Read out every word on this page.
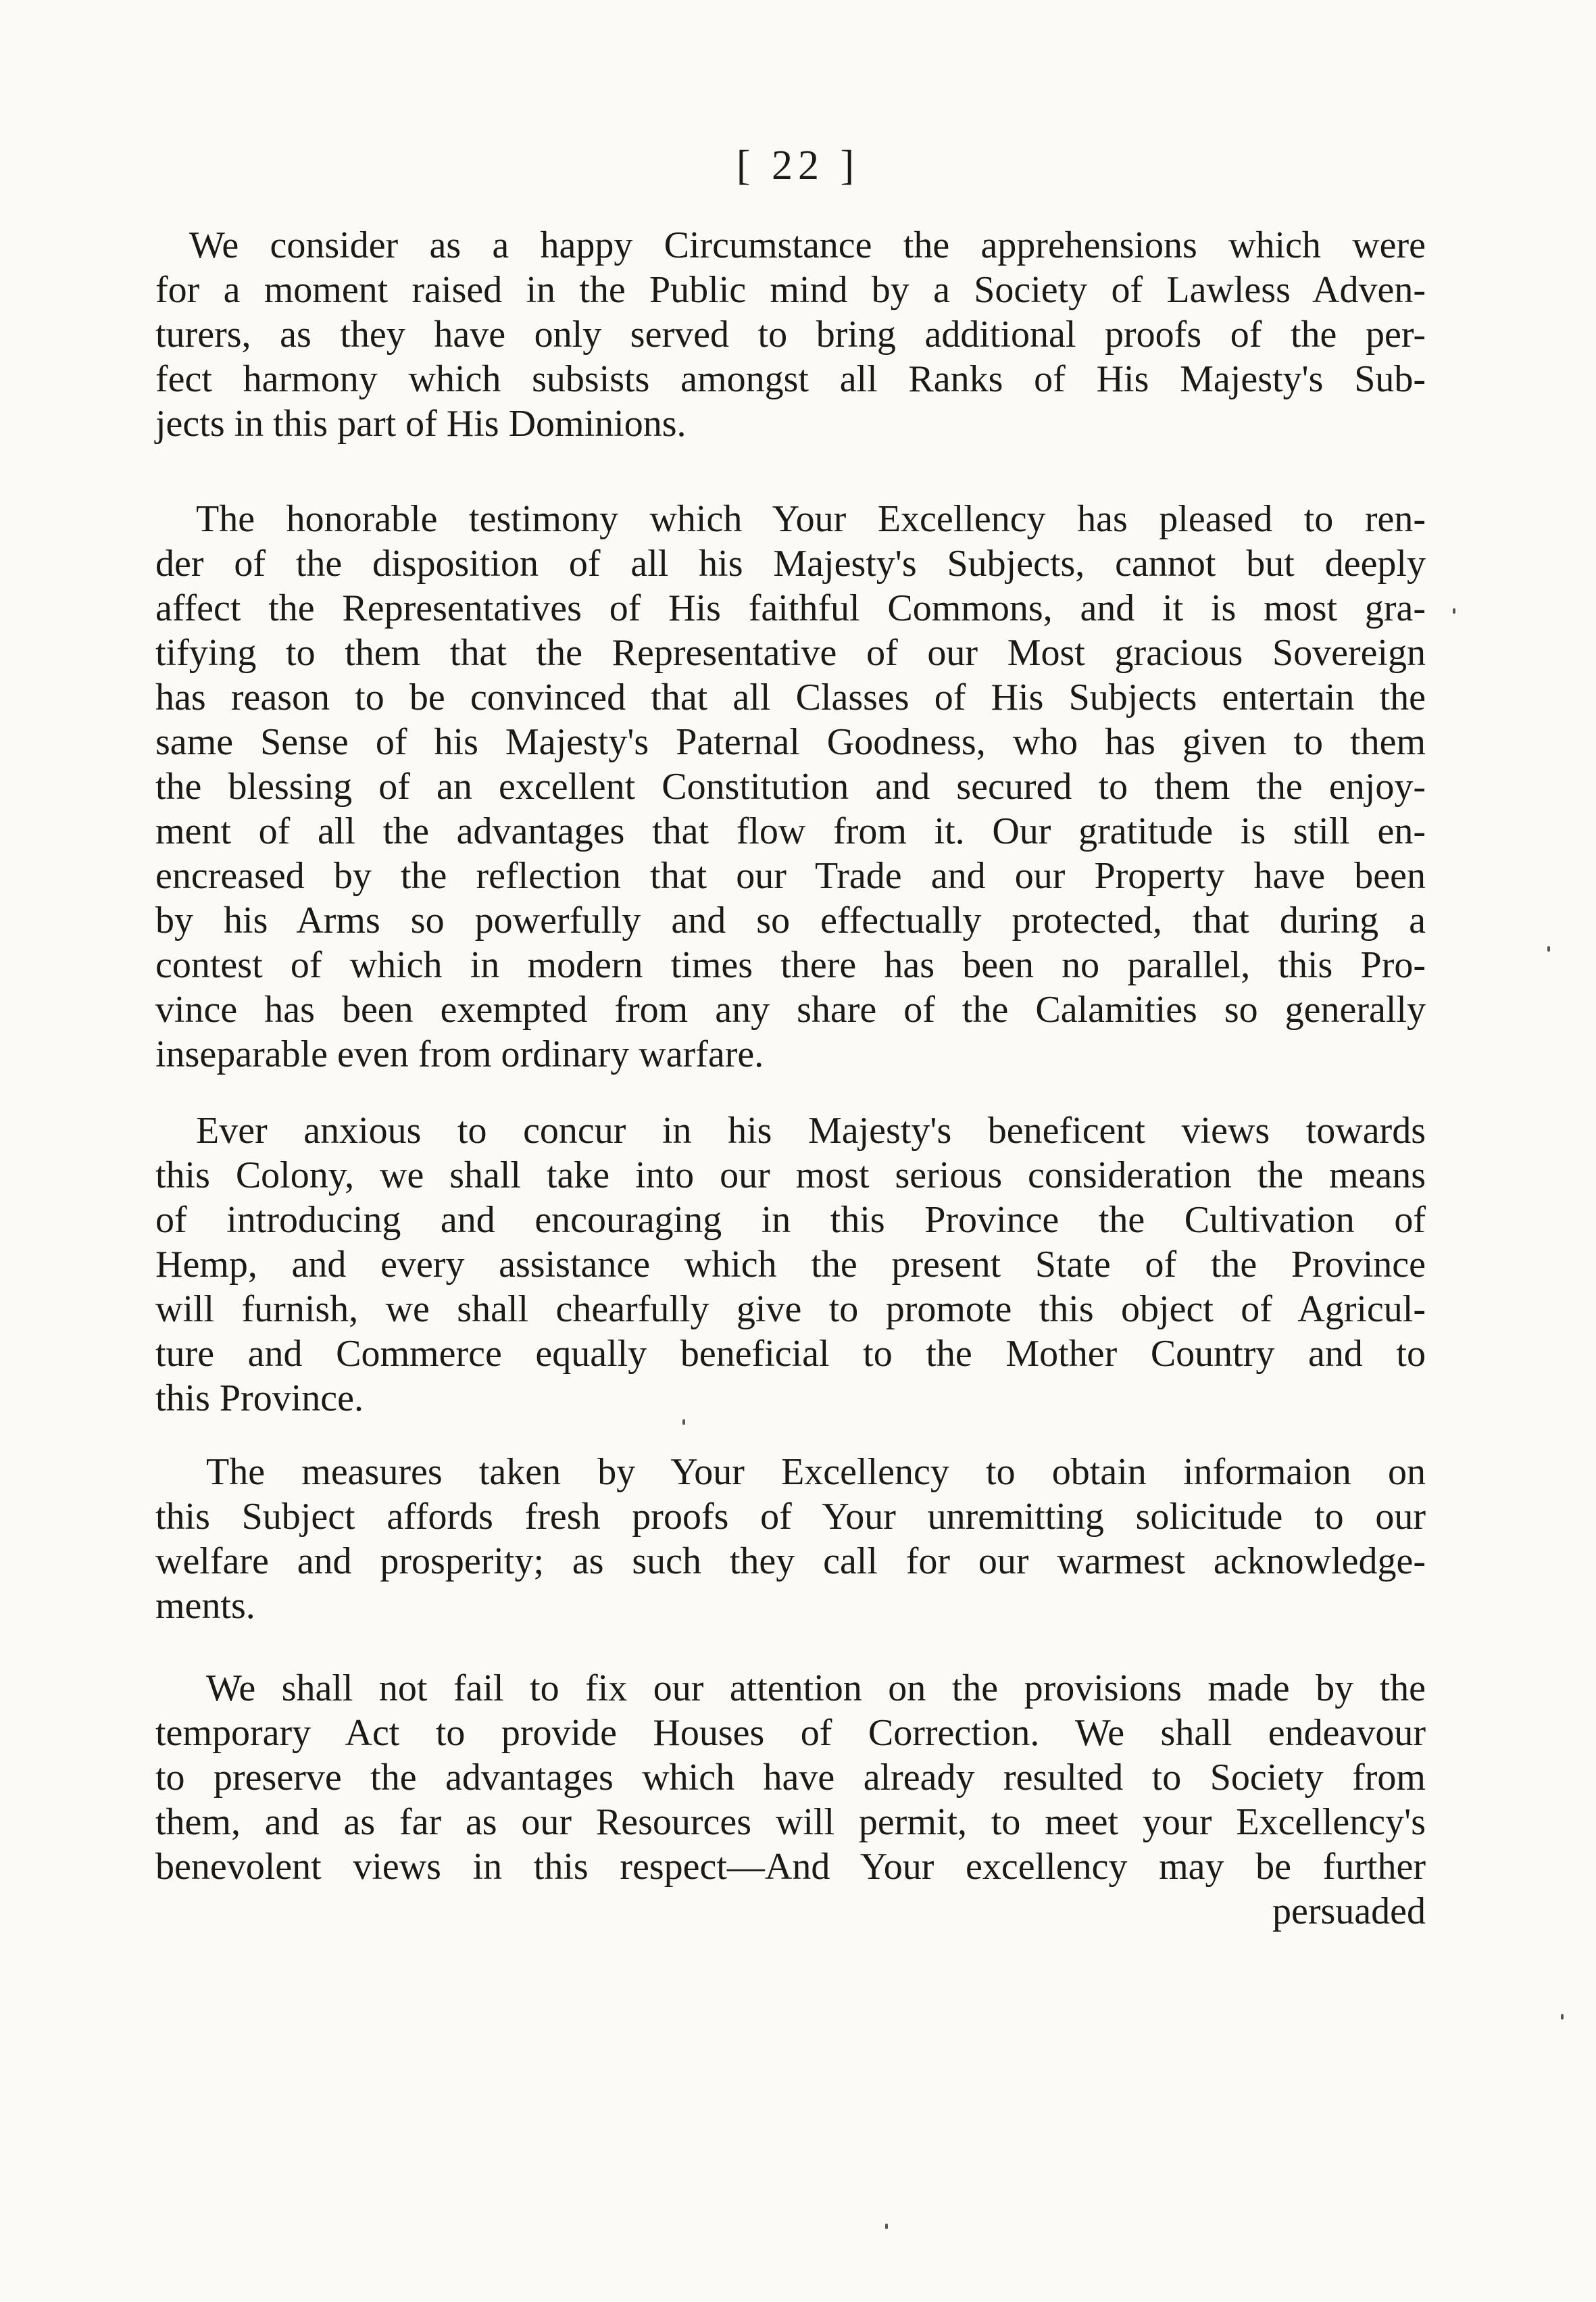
[ 22 ]

We consider as a happy Circumstance the apprehensions which were
for a moment raised in the Public mind by a Society of Lawless Adven-
turers, as they have only served to bring additional proofs of the per-
fect harmony which subsists amongst all Ranks of His Majesty's Sub-
jects in this part of His Dominions.

The honorable testimony which Your Excellency has pleased to ren-
der of the disposition of all his Majesty's Subjects, cannot but deeply
affect the Representatives of His faithful Commons, and it is most gra-
tifying to them that the Representative of our Most gracious Sovereign
has reason to be convinced that all Classes of His Subjects entertain the
same Sense of his Majesty's Paternal Goodness, who has given to them
the blessing of an excellent Constitution and secured to them the enjoy-
ment of all the advantages that flow from it. Our gratitude is still en-
encreased by the reflection that our Trade and our Property have been
by his Arms so powerfully and so effectually protected, that during a
contest of which in modern times there has been no parallel, this Pro-
vince has been exempted from any share of the Calamities so generally
inseparable even from ordinary warfare.

Ever anxious to concur in his Majesty's beneficent views towards
this Colony, we shall take into our most serious consideration the means
of introducing and encouraging in this Province the Cultivation of
Hemp, and every assistance which the present State of the Province
will furnish, we shall chearfully give to promote this object of Agricul-
ture and Commerce equally beneficial to the Mother Country and to
this Province.

The measures taken by Your Excellency to obtain informaion on
this Subject affords fresh proofs of Your unremitting solicitude to our
welfare and prosperity; as such they call for our warmest acknowledge-
ments.

We shall not fail to fix our attention on the provisions made by the
temporary Act to provide Houses of Correction. We shall endeavour
to preserve the advantages which have already resulted to Society from
them, and as far as our Resources will permit, to meet your Excellency's
benevolent views in this respect—And Your excellency may be further
persuaded
